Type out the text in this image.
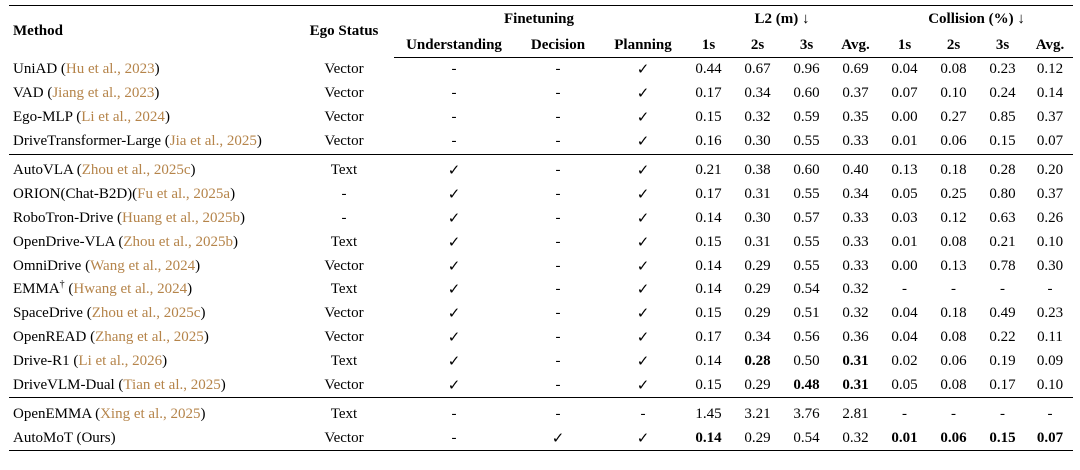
Method	Ego Status	Finetuning			L2 (m) ↓				Collision (%) ↓			
		Understanding	Decision	Planning	1s	2s	3s	Avg.	1s	2s	3s	Avg.
UniAD (Hu et al., 2023)	Vector	-	-	✓	0.44	0.67	0.96	0.69	0.04	0.08	0.23	0.12
VAD (Jiang et al., 2023)	Vector	-	-	✓	0.17	0.34	0.60	0.37	0.07	0.10	0.24	0.14
Ego-MLP (Li et al., 2024)	Vector	-	-	✓	0.15	0.32	0.59	0.35	0.00	0.27	0.85	0.37
DriveTransformer-Large (Jia et al., 2025)	Vector	-	-	✓	0.16	0.30	0.55	0.33	0.01	0.06	0.15	0.07
AutoVLA (Zhou et al., 2025c)	Text	✓	-	✓	0.21	0.38	0.60	0.40	0.13	0.18	0.28	0.20
ORION(Chat-B2D)(Fu et al., 2025a)	-	✓	-	✓	0.17	0.31	0.55	0.34	0.05	0.25	0.80	0.37
RoboTron-Drive (Huang et al., 2025b)	-	✓	-	✓	0.14	0.30	0.57	0.33	0.03	0.12	0.63	0.26
OpenDrive-VLA (Zhou et al., 2025b)	Text	✓	-	✓	0.15	0.31	0.55	0.33	0.01	0.08	0.21	0.10
OmniDrive (Wang et al., 2024)	Vector	✓	-	✓	0.14	0.29	0.55	0.33	0.00	0.13	0.78	0.30
EMMA† (Hwang et al., 2024)	Text	✓	-	✓	0.14	0.29	0.54	0.32	-	-	-	-
SpaceDrive (Zhou et al., 2025c)	Vector	✓	-	✓	0.15	0.29	0.51	0.32	0.04	0.18	0.49	0.23
OpenREAD (Zhang et al., 2025)	Vector	✓	-	✓	0.17	0.34	0.56	0.36	0.04	0.08	0.22	0.11
Drive-R1 (Li et al., 2026)	Text	✓	-	✓	0.14	0.28	0.50	0.31	0.02	0.06	0.19	0.09
DriveVLM-Dual (Tian et al., 2025)	Vector	✓	-	✓	0.15	0.29	0.48	0.31	0.05	0.08	0.17	0.10
OpenEMMA (Xing et al., 2025)	Text	-	-	-	1.45	3.21	3.76	2.81	-	-	-	-
AutoMoT (Ours)	Vector	-	✓	✓	0.14	0.29	0.54	0.32	0.01	0.06	0.15	0.07
